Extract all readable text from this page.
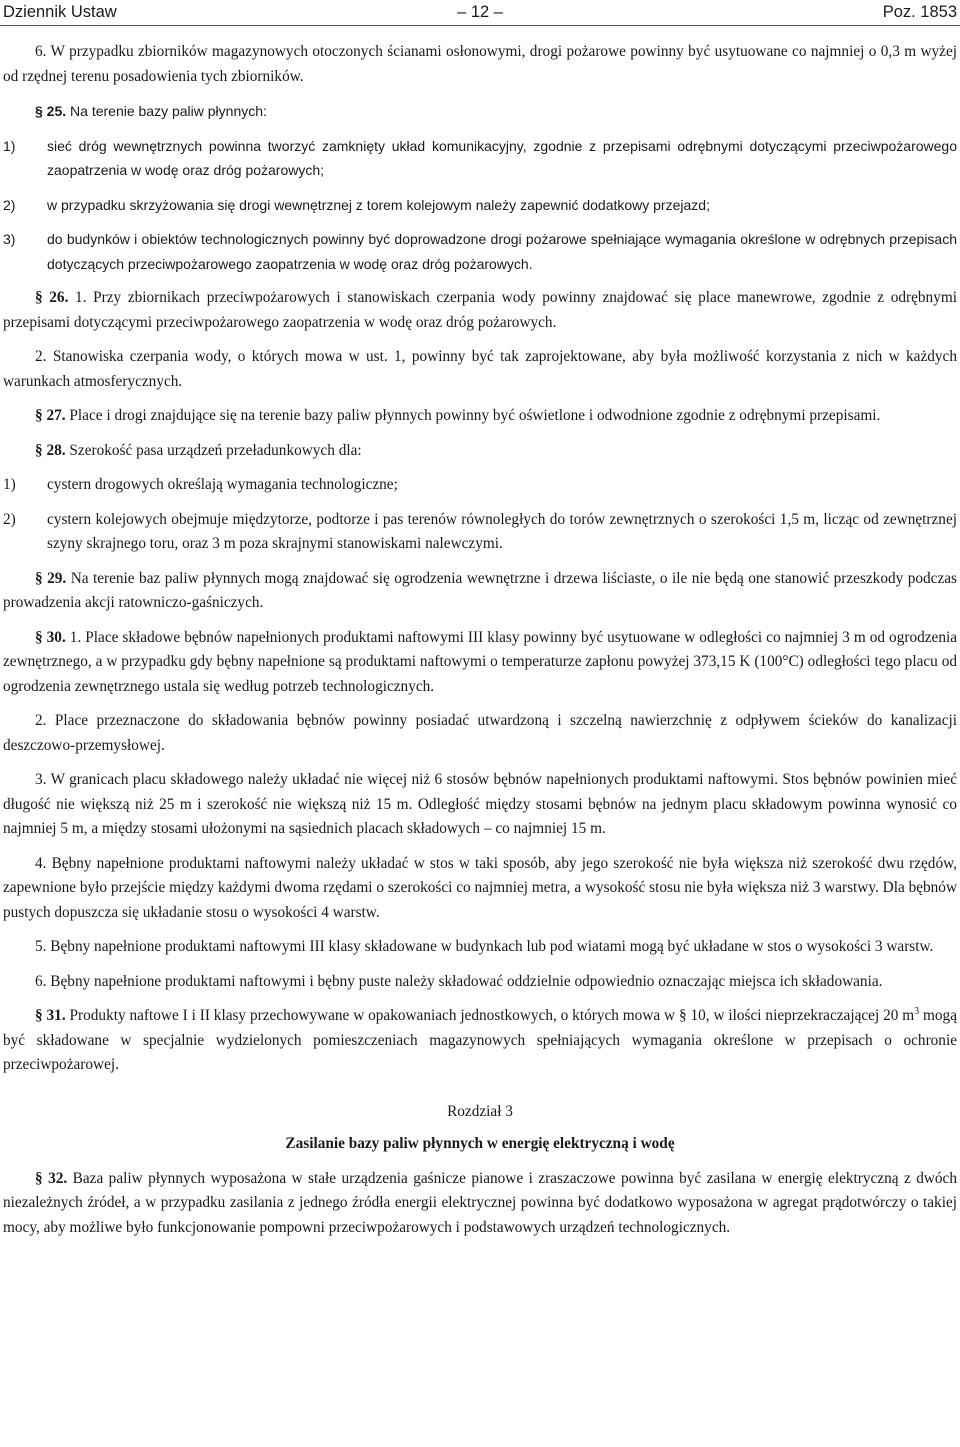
Dziennik Ustaw	– 12 –	Poz. 1853

6. W przypadku zbiorników magazynowych otoczonych ścianami osłonowymi, drogi pożarowe powinny być usytuowane co najmniej o 0,3 m wyżej od rzędnej terenu posadowienia tych zbiorników.

§ 25. Na terenie bazy paliw płynnych:

1) sieć dróg wewnętrznych powinna tworzyć zamknięty układ komunikacyjny, zgodnie z przepisami odrębnymi dotyczącymi przeciwpożarowego zaopatrzenia w wodę oraz dróg pożarowych;

2) w przypadku skrzyżowania się drogi wewnętrznej z torem kolejowym należy zapewnić dodatkowy przejazd;

3) do budynków i obiektów technologicznych powinny być doprowadzone drogi pożarowe spełniające wymagania określone w odrębnych przepisach dotyczących przeciwpożarowego zaopatrzenia w wodę oraz dróg pożarowych.

§ 26. 1. Przy zbiornikach przeciwpożarowych i stanowiskach czerpania wody powinny znajdować się place manewrowe, zgodnie z odrębnymi przepisami dotyczącymi przeciwpożarowego zaopatrzenia w wodę oraz dróg pożarowych.

2. Stanowiska czerpania wody, o których mowa w ust. 1, powinny być tak zaprojektowane, aby była możliwość korzystania z nich w każdych warunkach atmosferycznych.

§ 27. Place i drogi znajdujące się na terenie bazy paliw płynnych powinny być oświetlone i odwodnione zgodnie z odrębnymi przepisami.

§ 28. Szerokość pasa urządzeń przeładunkowych dla:

1) cystern drogowych określają wymagania technologiczne;

2) cystern kolejowych obejmuje międzytorze, podtorze i pas terenów równoległych do torów zewnętrznych o szerokości 1,5 m, licząc od zewnętrznej szyny skrajnego toru, oraz 3 m poza skrajnymi stanowiskami nalewczymi.

§ 29. Na terenie baz paliw płynnych mogą znajdować się ogrodzenia wewnętrzne i drzewa liściaste, o ile nie będą one stanowić przeszkody podczas prowadzenia akcji ratowniczo-gaśniczych.

§ 30. 1. Place składowe bębnów napełnionych produktami naftowymi III klasy powinny być usytuowane w odległości co najmniej 3 m od ogrodzenia zewnętrznego, a w przypadku gdy bębny napełnione są produktami naftowymi o temperaturze zapłonu powyżej 373,15 K (100°C) odległości tego placu od ogrodzenia zewnętrznego ustala się według potrzeb technologicznych.

2. Place przeznaczone do składowania bębnów powinny posiadać utwardzoną i szczelną nawierzchnię z odpływem ścieków do kanalizacji deszczowo-przemysłowej.

3. W granicach placu składowego należy układać nie więcej niż 6 stosów bębnów napełnionych produktami naftowymi. Stos bębnów powinien mieć długość nie większą niż 25 m i szerokość nie większą niż 15 m. Odległość między stosami bębnów na jednym placu składowym powinna wynosić co najmniej 5 m, a między stosami ułożonymi na sąsiednich placach składowych – co najmniej 15 m.

4. Bębny napełnione produktami naftowymi należy układać w stos w taki sposób, aby jego szerokość nie była większa niż szerokość dwu rzędów, zapewnione było przejście między każdymi dwoma rzędami o szerokości co najmniej metra, a wysokość stosu nie była większa niż 3 warstwy. Dla bębnów pustych dopuszcza się układanie stosu o wysokości 4 warstw.

5. Bębny napełnione produktami naftowymi III klasy składowane w budynkach lub pod wiatami mogą być układane w stos o wysokości 3 warstw.

6. Bębny napełnione produktami naftowymi i bębny puste należy składować oddzielnie odpowiednio oznaczając miejsca ich składowania.

§ 31. Produkty naftowe I i II klasy przechowywane w opakowaniach jednostkowych, o których mowa w § 10, w ilości nieprzekraczającej 20 $m^3$ mogą być składowane w specjalnie wydzielonych pomieszczeniach magazynowych spełniających wymagania określone w przepisach o ochronie przeciwpożarowej.

Rozdział 3

Zasilanie bazy paliw płynnych w energię elektryczną i wodę

§ 32. Baza paliw płynnych wyposażona w stałe urządzenia gaśnicze pianowe i zraszaczowe powinna być zasilana w energię elektryczną z dwóch niezależnych źródeł, a w przypadku zasilania z jednego źródła energii elektrycznej powinna być dodatkowo wyposażona w agregat prądotwórczy o takiej mocy, aby możliwe było funkcjonowanie pompowni przeciwpożarowych i podstawowych urządzeń technologicznych.
